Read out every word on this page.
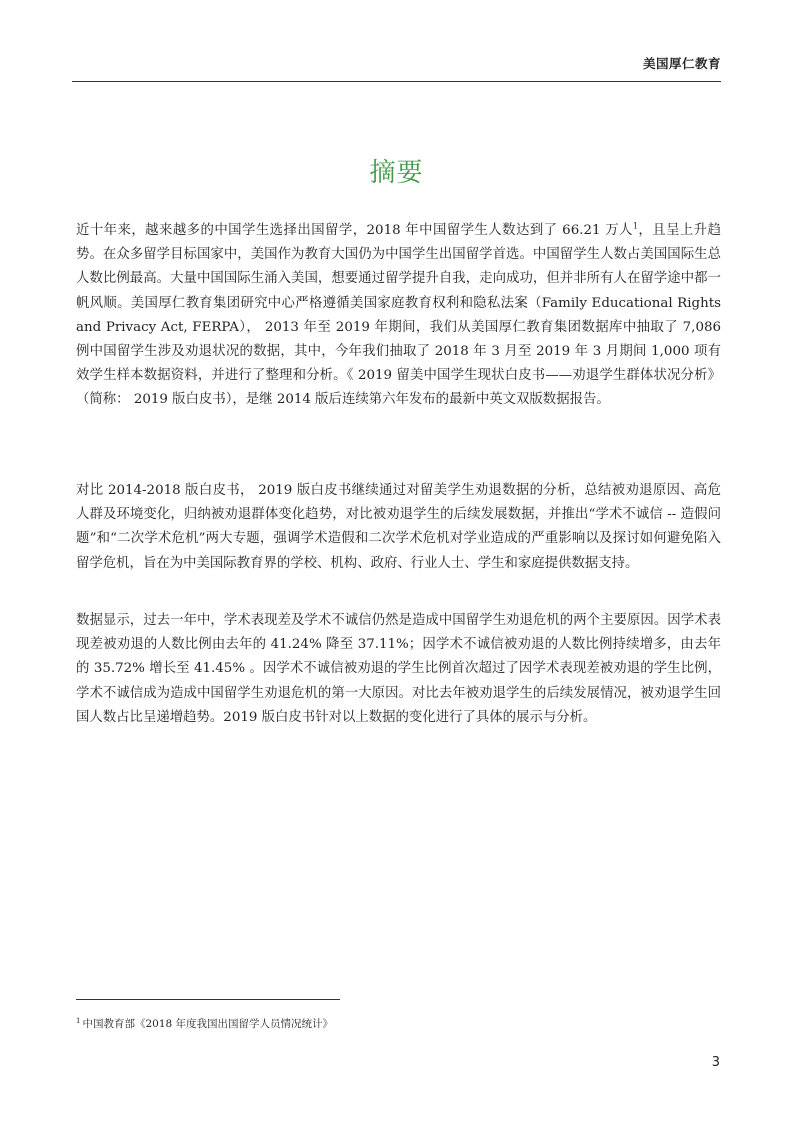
美国厚仁教育
摘要

近十年来，越来越多的中国学生选择出国留学，2018 年中国留学生人数达到了 66.21 万人$^1$，且呈上升趋势。在众多留学目标国家中，美国作为教育大国仍为中国学生出国留学首选。中国留学生人数占美国国际生总人数比例最高。大量中国国际生涌入美国，想要通过留学提升自我，走向成功，但并非所有人在留学途中都一帆风顺。美国厚仁教育集团研究中心严格遵循美国家庭教育权利和隐私法案（Family Educational Rights and Privacy Act, FERPA）， 2013 年至 2019 年期间，我们从美国厚仁教育集团数据库中抽取了 7,086 例中国留学生涉及劝退状况的数据，其中，今年我们抽取了 2018 年 3 月至 2019 年 3 月期间 1,000 项有效学生样本数据资料，并进行了整理和分析。《 2019 留美中国学生现状白皮书——劝退学生群体状况分析》（简称： 2019 版白皮书），是继 2014 版后连续第六年发布的最新中英文双版数据报告。

对比 2014-2018 版白皮书， 2019 版白皮书继续通过对留美学生劝退数据的分析，总结被劝退原因、高危人群及环境变化，归纳被劝退群体变化趋势，对比被劝退学生的后续发展数据，并推出“学术不诚信 -- 造假问题”和“二次学术危机”两大专题，强调学术造假和二次学术危机对学业造成的严重影响以及探讨如何避免陷入留学危机，旨在为中美国际教育界的学校、机构、政府、行业人士、学生和家庭提供数据支持。

数据显示，过去一年中，学术表现差及学术不诚信仍然是造成中国留学生劝退危机的两个主要原因。因学术表现差被劝退的人数比例由去年的 41.24% 降至 37.11%；因学术不诚信被劝退的人数比例持续增多，由去年的 35.72% 增长至 41.45% 。因学术不诚信被劝退的学生比例首次超过了因学术表现差被劝退的学生比例，学术不诚信成为造成中国留学生劝退危机的第一大原因。对比去年被劝退学生的后续发展情况，被劝退学生回国人数占比呈递增趋势。2019 版白皮书针对以上数据的变化进行了具体的展示与分析。

$^1$ 中国教育部《2018 年度我国出国留学人员情况统计》
3
